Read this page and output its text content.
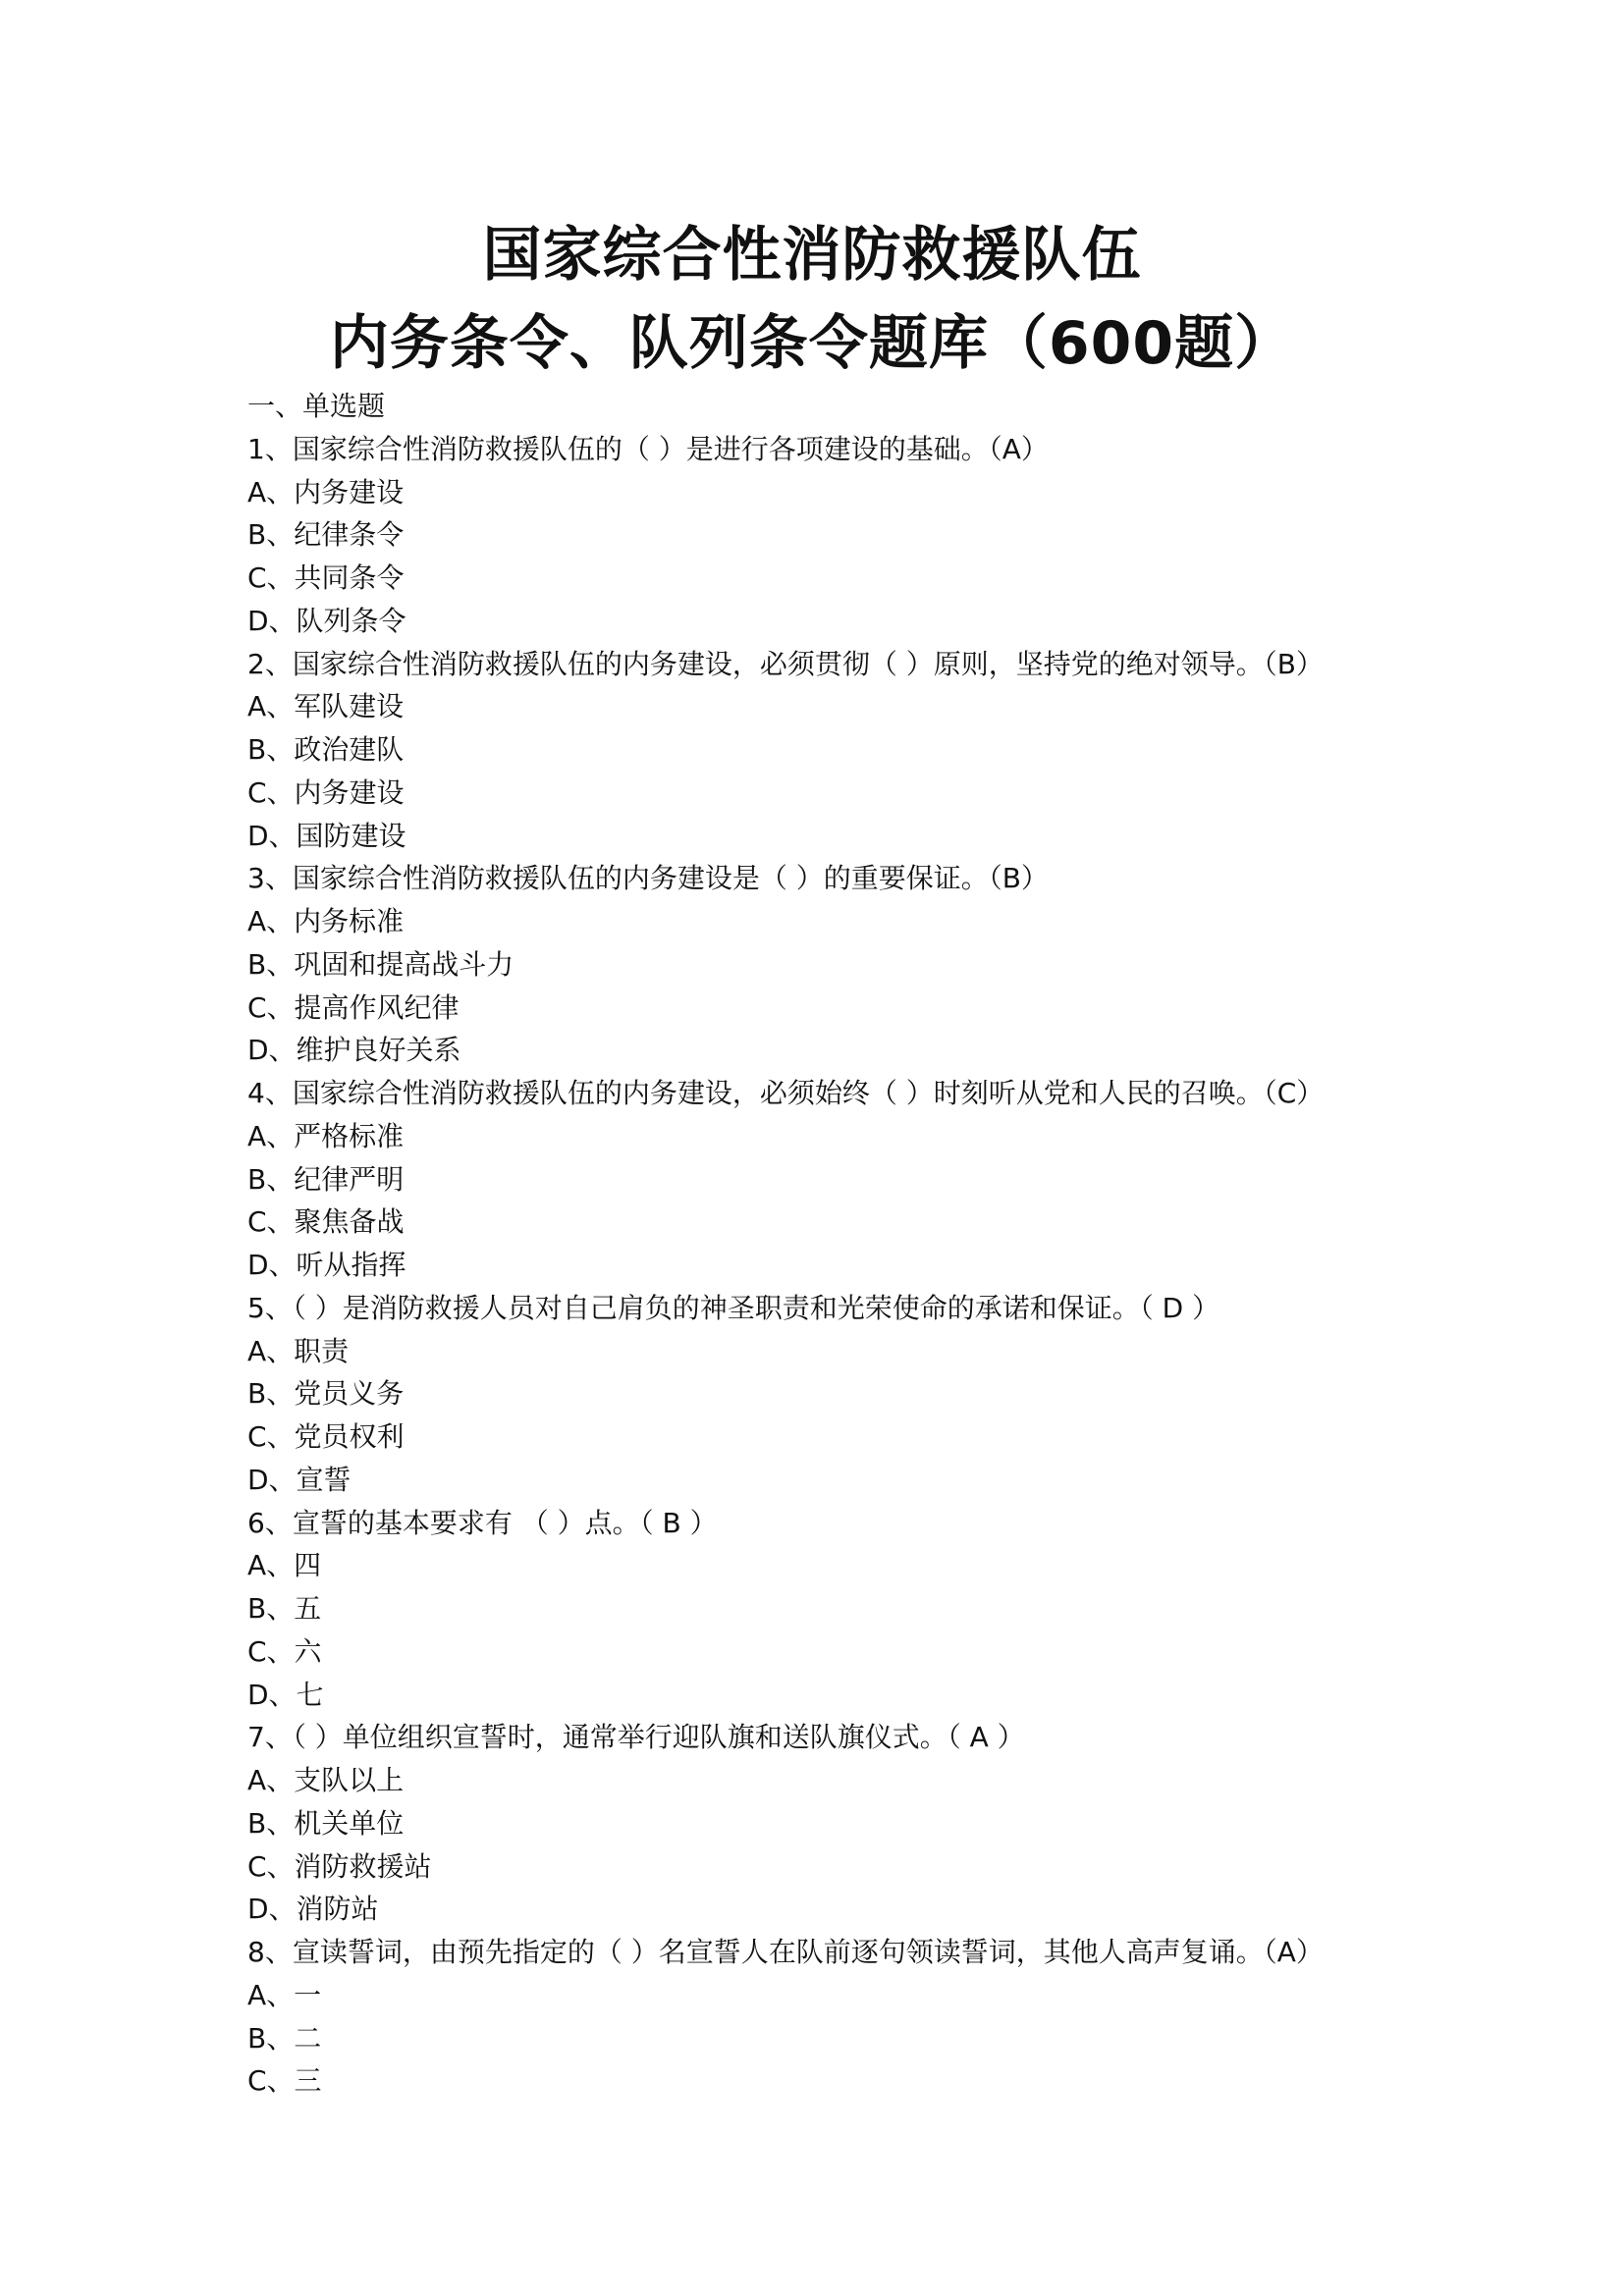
国家综合性消防救援队伍
内务条令、队列条令题库（600题）
一、单选题
1、国家综合性消防救援队伍的（ ）是进行各项建设的基础。（A）
A、内务建设
B、纪律条令
C、共同条令
D、队列条令
2、国家综合性消防救援队伍的内务建设，必须贯彻（ ）原则，坚持党的绝对领导。（B）
A、军队建设
B、政治建队
C、内务建设
D、国防建设
3、国家综合性消防救援队伍的内务建设是（ ）的重要保证。（B）
A、内务标准
B、巩固和提高战斗力
C、提高作风纪律
D、维护良好关系
4、国家综合性消防救援队伍的内务建设，必须始终（ ）时刻听从党和人民的召唤。（C）
A、严格标准
B、纪律严明
C、聚焦备战
D、听从指挥
5、（ ）是消防救援人员对自己肩负的神圣职责和光荣使命的承诺和保证。（ D ）
A、职责
B、党员义务
C、党员权利
D、宣誓
6、宣誓的基本要求有 （ ）点。（ B ）
A、四
B、五
C、六
D、七
7、（ ）单位组织宣誓时，通常举行迎队旗和送队旗仪式。（ A ）
A、支队以上
B、机关单位
C、消防救援站
D、消防站
8、宣读誓词，由预先指定的（ ）名宣誓人在队前逐句领读誓词，其他人高声复诵。（A）
A、一
B、二
C、三
